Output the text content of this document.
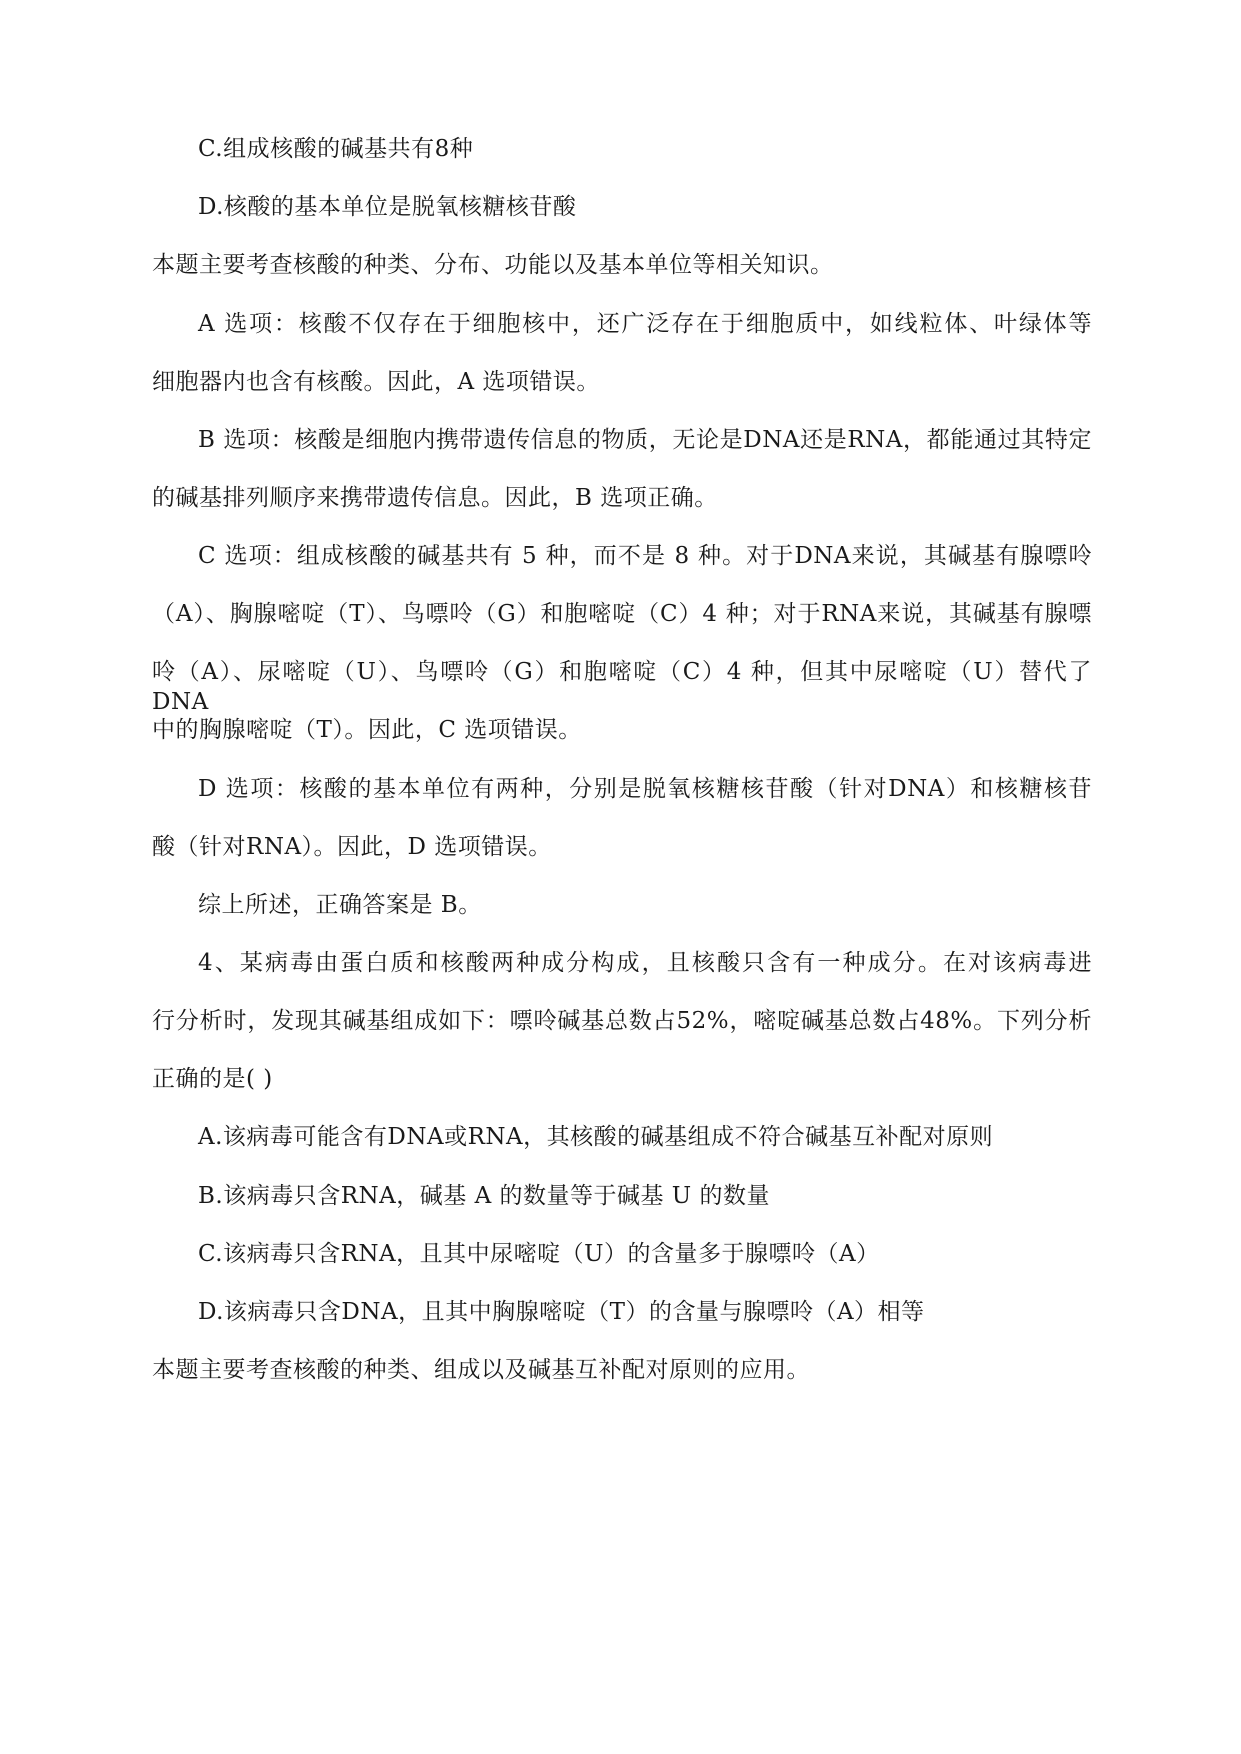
C.组成核酸的碱基共有8种
D.核酸的基本单位是脱氧核糖核苷酸
本题主要考查核酸的种类、分布、功能以及基本单位等相关知识。
A 选项：核酸不仅存在于细胞核中，还广泛存在于细胞质中，如线粒体、叶绿体等
细胞器内也含有核酸。因此，A 选项错误。
B 选项：核酸是细胞内携带遗传信息的物质，无论是DNA还是RNA，都能通过其特定
的碱基排列顺序来携带遗传信息。因此，B 选项正确。
C 选项：组成核酸的碱基共有 5 种，而不是 8 种。对于DNA来说，其碱基有腺嘌呤
（A）、胸腺嘧啶（T）、鸟嘌呤（G）和胞嘧啶（C）4 种；对于RNA来说，其碱基有腺嘌
呤（A）、尿嘧啶（U）、鸟嘌呤（G）和胞嘧啶（C）4 种，但其中尿嘧啶（U）替代了DNA
中的胸腺嘧啶（T）。因此，C 选项错误。
D 选项：核酸的基本单位有两种，分别是脱氧核糖核苷酸（针对DNA）和核糖核苷
酸（针对RNA）。因此，D 选项错误。
综上所述，正确答案是 B。
4、某病毒由蛋白质和核酸两种成分构成，且核酸只含有一种成分。在对该病毒进
行分析时，发现其碱基组成如下：嘌呤碱基总数占52%，嘧啶碱基总数占48%。下列分析
正确的是( )
A.该病毒可能含有DNA或RNA，其核酸的碱基组成不符合碱基互补配对原则
B.该病毒只含RNA，碱基 A 的数量等于碱基 U 的数量
C.该病毒只含RNA，且其中尿嘧啶（U）的含量多于腺嘌呤（A）
D.该病毒只含DNA，且其中胸腺嘧啶（T）的含量与腺嘌呤（A）相等
本题主要考查核酸的种类、组成以及碱基互补配对原则的应用。
